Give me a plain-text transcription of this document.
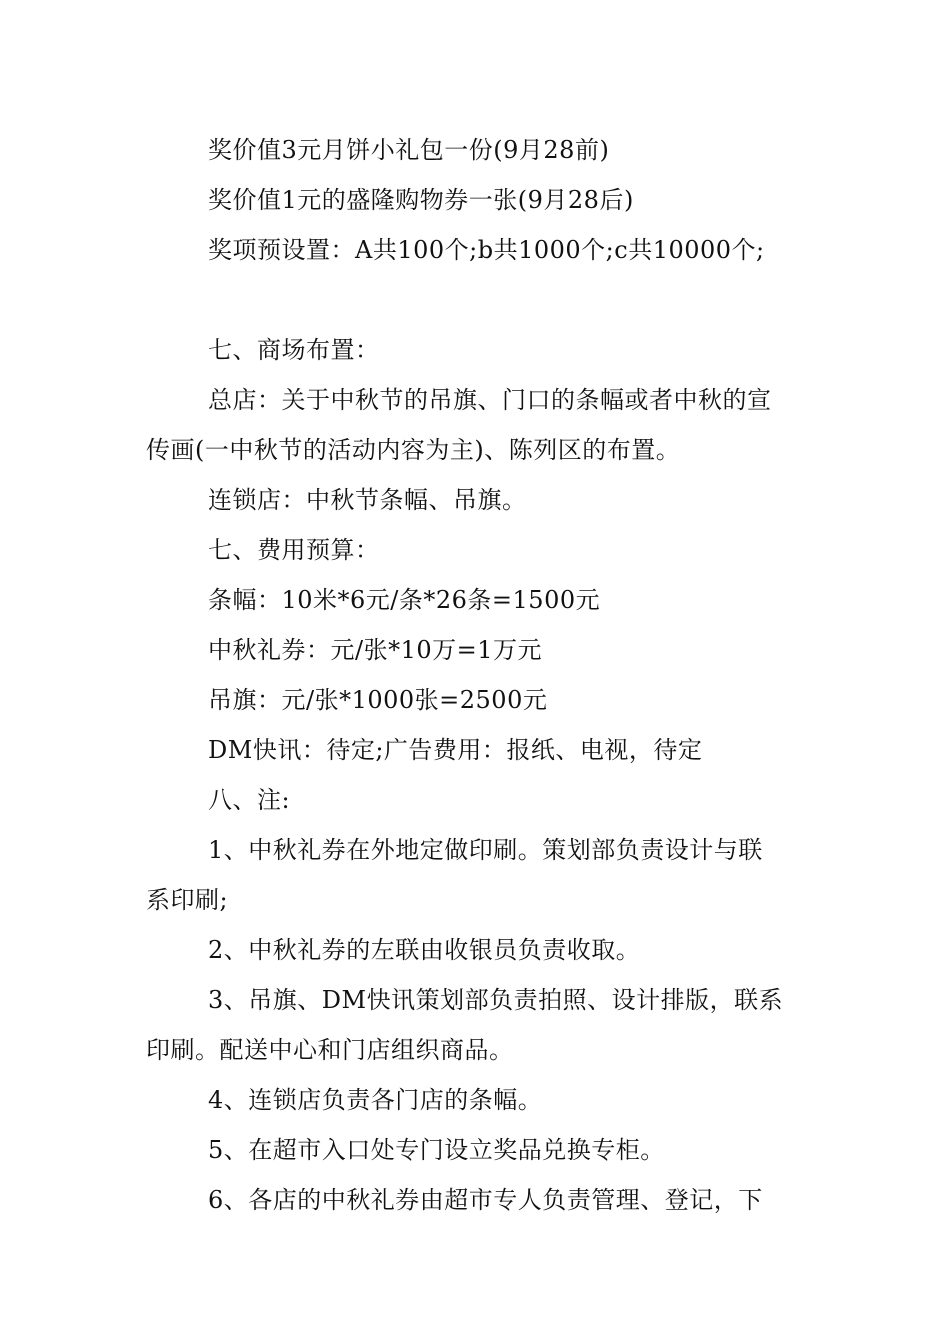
奖价值3元月饼小礼包一份(9月28前)
奖价值1元的盛隆购物券一张(9月28后)
奖项预设置：A共100个;b共1000个;c共10000个;
七、商场布置：
总店：关于中秋节的吊旗、门口的条幅或者中秋的宣
传画(一中秋节的活动内容为主)、陈列区的布置。
连锁店：中秋节条幅、吊旗。
七、费用预算：
条幅：10米*6元/条*26条=1500元
中秋礼券：元/张*10万=1万元
吊旗：元/张*1000张=2500元
DM快讯：待定;广告费用：报纸、电视，待定
八、注:
1、中秋礼券在外地定做印刷。策划部负责设计与联
系印刷;
2、中秋礼券的左联由收银员负责收取。
3、吊旗、DM快讯策划部负责拍照、设计排版，联系
印刷。配送中心和门店组织商品。
4、连锁店负责各门店的条幅。
5、在超市入口处专门设立奖品兑换专柜。
6、各店的中秋礼券由超市专人负责管理、登记，下
